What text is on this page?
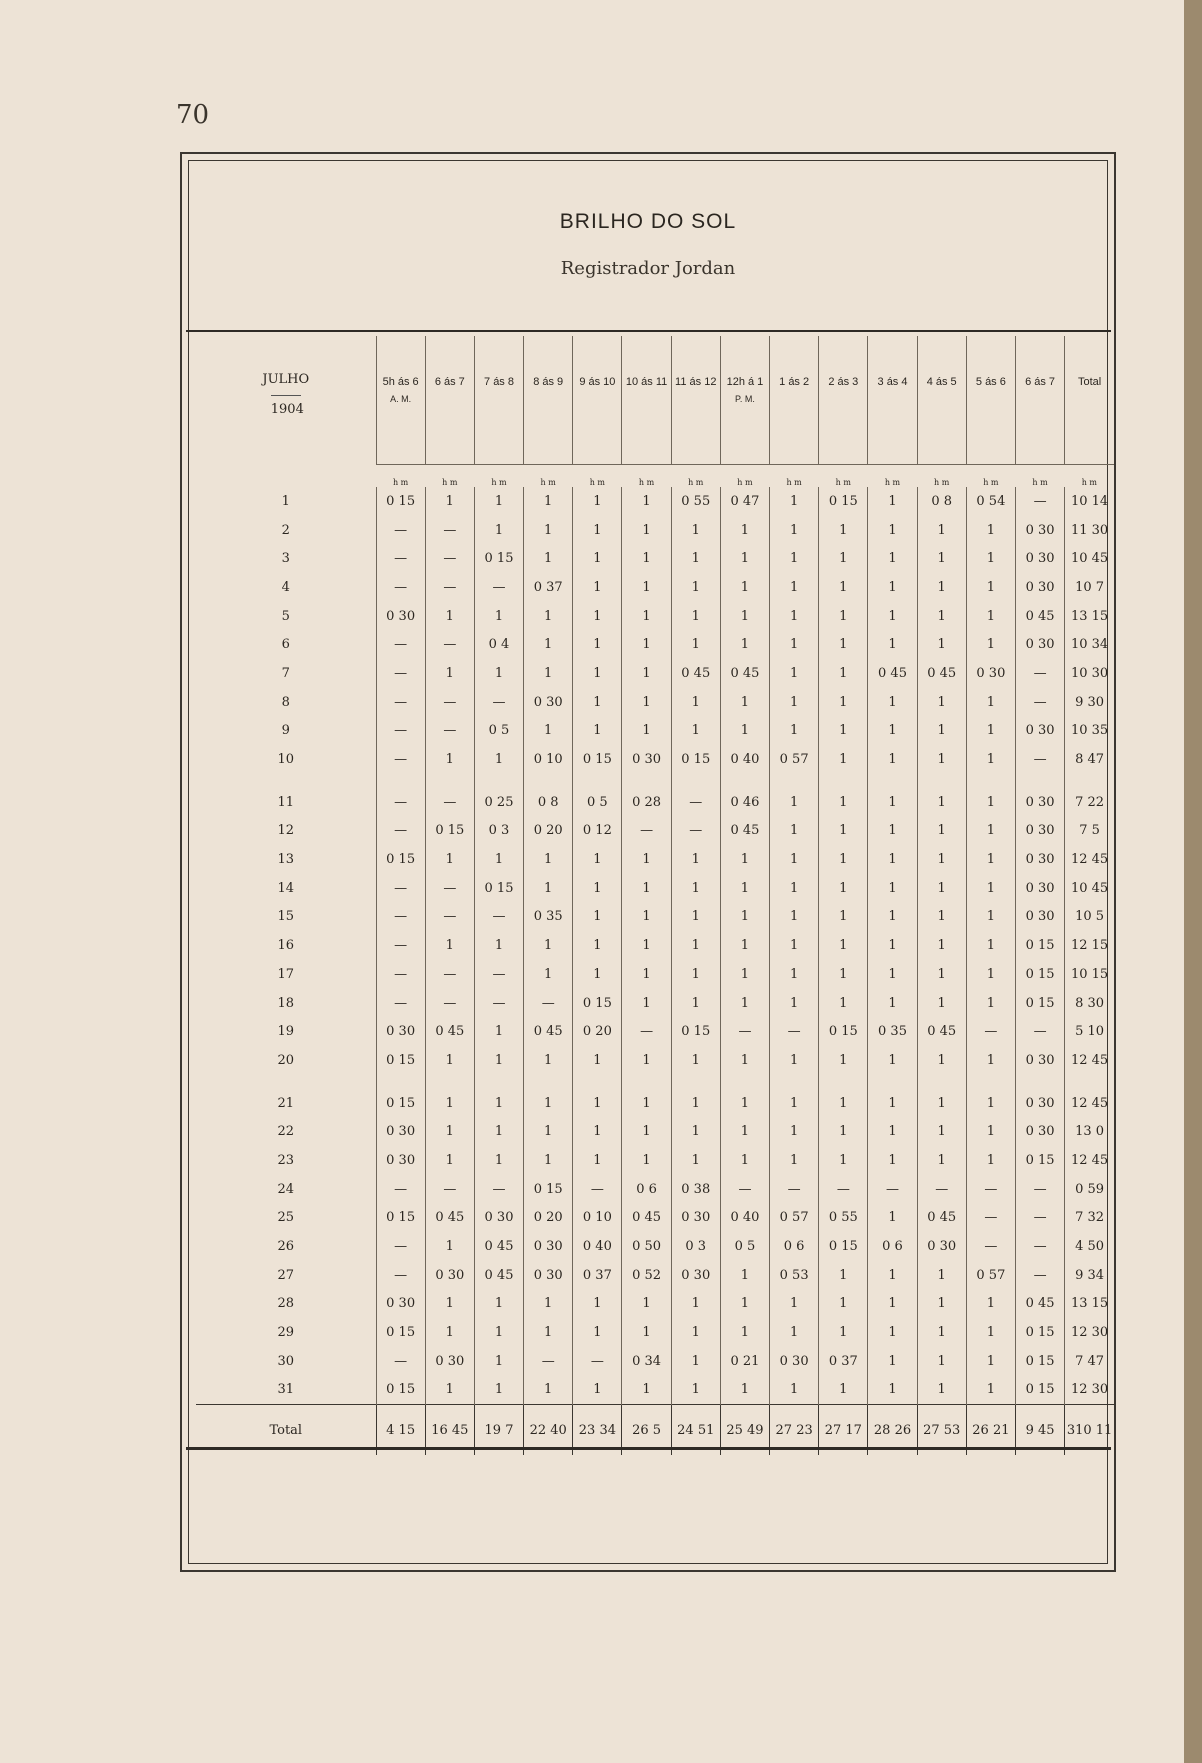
70
BRILHO DO SOL
Registrador Jordan
JULHO
1904	5h ás 6
A. M.	6 ás 7	7 ás 8	8 ás 9	9 ás 10	10 ás 11	11 ás 12	12h á 1
P. M.	1 ás 2	2 ás 3	3 ás 4	4 ás 5	5 ás 6	6 ás 7	Total
	h m	h m	h m	h m	h m	h m	h m	h m	h m	h m	h m	h m	h m	h m	h m
1	0 15	1	1	1	1	1	0 55	0 47	1	0 15	1	0 8	0 54	—	10 14
2	—	—	1	1	1	1	1	1	1	1	1	1	1	0 30	11 30
3	—	—	0 15	1	1	1	1	1	1	1	1	1	1	0 30	10 45
4	—	—	—	0 37	1	1	1	1	1	1	1	1	1	0 30	10 7
5	0 30	1	1	1	1	1	1	1	1	1	1	1	1	0 45	13 15
6	—	—	0 4	1	1	1	1	1	1	1	1	1	1	0 30	10 34
7	—	1	1	1	1	1	0 45	0 45	1	1	0 45	0 45	0 30	—	10 30
8	—	—	—	0 30	1	1	1	1	1	1	1	1	1	—	9 30
9	—	—	0 5	1	1	1	1	1	1	1	1	1	1	0 30	10 35
10	—	1	1	0 10	0 15	0 30	0 15	0 40	0 57	1	1	1	1	—	8 47

11	—	—	0 25	0 8	0 5	0 28	—	0 46	1	1	1	1	1	0 30	7 22
12	—	0 15	0 3	0 20	0 12	—	—	0 45	1	1	1	1	1	0 30	7 5
13	0 15	1	1	1	1	1	1	1	1	1	1	1	1	0 30	12 45
14	—	—	0 15	1	1	1	1	1	1	1	1	1	1	0 30	10 45
15	—	—	—	0 35	1	1	1	1	1	1	1	1	1	0 30	10 5
16	—	1	1	1	1	1	1	1	1	1	1	1	1	0 15	12 15
17	—	—	—	1	1	1	1	1	1	1	1	1	1	0 15	10 15
18	—	—	—	—	0 15	1	1	1	1	1	1	1	1	0 15	8 30
19	0 30	0 45	1	0 45	0 20	—	0 15	—	—	0 15	0 35	0 45	—	—	5 10
20	0 15	1	1	1	1	1	1	1	1	1	1	1	1	0 30	12 45

21	0 15	1	1	1	1	1	1	1	1	1	1	1	1	0 30	12 45
22	0 30	1	1	1	1	1	1	1	1	1	1	1	1	0 30	13 0
23	0 30	1	1	1	1	1	1	1	1	1	1	1	1	0 15	12 45
24	—	—	—	0 15	—	0 6	0 38	—	—	—	—	—	—	—	0 59
25	0 15	0 45	0 30	0 20	0 10	0 45	0 30	0 40	0 57	0 55	1	0 45	—	—	7 32
26	—	1	0 45	0 30	0 40	0 50	0 3	0 5	0 6	0 15	0 6	0 30	—	—	4 50
27	—	0 30	0 45	0 30	0 37	0 52	0 30	1	0 53	1	1	1	0 57	—	9 34
28	0 30	1	1	1	1	1	1	1	1	1	1	1	1	0 45	13 15
29	0 15	1	1	1	1	1	1	1	1	1	1	1	1	0 15	12 30
30	—	0 30	1	—	—	0 34	1	0 21	0 30	0 37	1	1	1	0 15	7 47
31	0 15	1	1	1	1	1	1	1	1	1	1	1	1	0 15	12 30
Total	4 15	16 45	19 7	22 40	23 34	26 5	24 51	25 49	27 23	27 17	28 26	27 53	26 21	9 45	310 11
